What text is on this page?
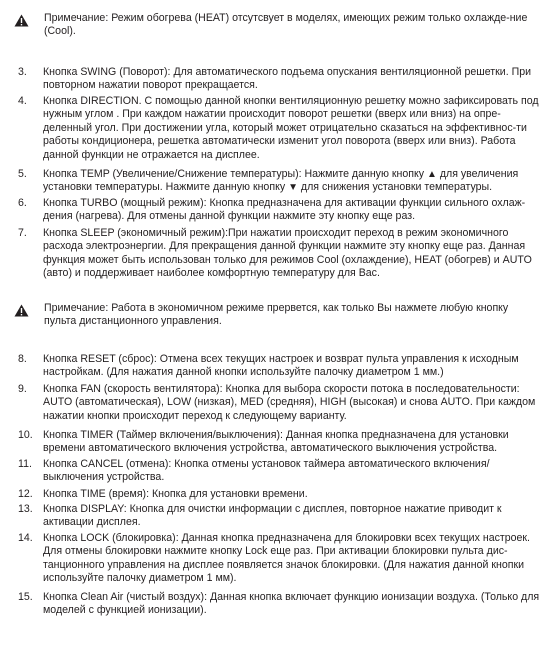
Примечание: Режим обогрева (HEAT) отсутсвует в моделях, имеющих режим только охлажде-ние (Cool).
3.	Кнопка SWING (Поворот): Для автоматического подъема опускания вентиляционной решетки. При повторном нажатии поворот прекращается.
4.	Кнопка DIRECTION. С помощью данной кнопки вентиляционную решетку можно зафиксировать под нужным углом . При каждом нажатии происходит поворот решетки (вверх или вниз) на опре-деленный угол. При достижении угла, который может отрицательно сказаться на эффективнос-ти работы кондиционера, решетка автоматически изменит угол поворота (вверх или вниз). Работа данной функции не отражается на дисплее.
5.	Кнопка TEMP (Увеличение/Снижение температуры): Нажмите данную кнопку ▲ для увеличения установки температуры. Нажмите данную кнопку ▼ для снижения установки температуры.
6.	Кнопка TURBO (мощный режим): Кнопка предназначена для активации функции сильного охлаж-дения (нагрева). Для отмены данной функции нажмите эту кнопку еще раз.
7.	Кнопка SLEEP (экономичный режим):При нажатии происходит переход в режим экономичного расхода электроэнергии. Для прекращения данной функции нажмите эту кнопку еще раз. Данная функция может быть использован только для режимов Cool (охлаждение), HEAT (обогрев) и AUTO (авто) и поддерживает наиболее комфортную температуру для Вас.
Примечание: Работа в экономичном режиме прервется, как только Вы нажмете любую кнопку пульта дистанционного управления.
8.	Кнопка RESET (сброс): Отмена всех текущих настроек и возврат пульта управления к исходным настройкам. (Для нажатия данной кнопки используйте палочку диаметром 1 мм.)
9.	Кнопка FAN (скорость вентилятора): Кнопка для выбора скорости потока в последовательности: AUTO (автоматическая), LOW (низкая), MED (средняя), HIGH (высокая) и снова AUTO. При каждом нажатии кнопки происходит переход к следующему варианту.
10. Кнопка TIMER (Таймер включения/выключения): Данная кнопка предназначена для установки времени автоматического включения устройства, автоматического выключения устройства.
11.	Кнопка CANCEL (отмена): Кнопка отмены установок таймера автоматического включения/ выключения устройства.
12. Кнопка TIME (время): Кнопка для установки времени.
13. Кнопка DISPLAY: Кнопка для очистки информации с дисплея, повторное нажатие приводит к активации дисплея.
14. Кнопка LOCK (блокировка): Данная кнопка предназначена для блокировки всех текущих настроек. Для отмены блокировки нажмите кнопку Lock еще раз. При активации блокировки пульта дис-танционного управления на дисплее появляется значок блокировки. (Для нажатия данной кнопки используйте палочку диаметром 1 мм).
15. Кнопка Clean Air (чистый воздух): Данная кнопка включает функцию ионизации воздуха. (Только для моделей с функцией ионизации).
